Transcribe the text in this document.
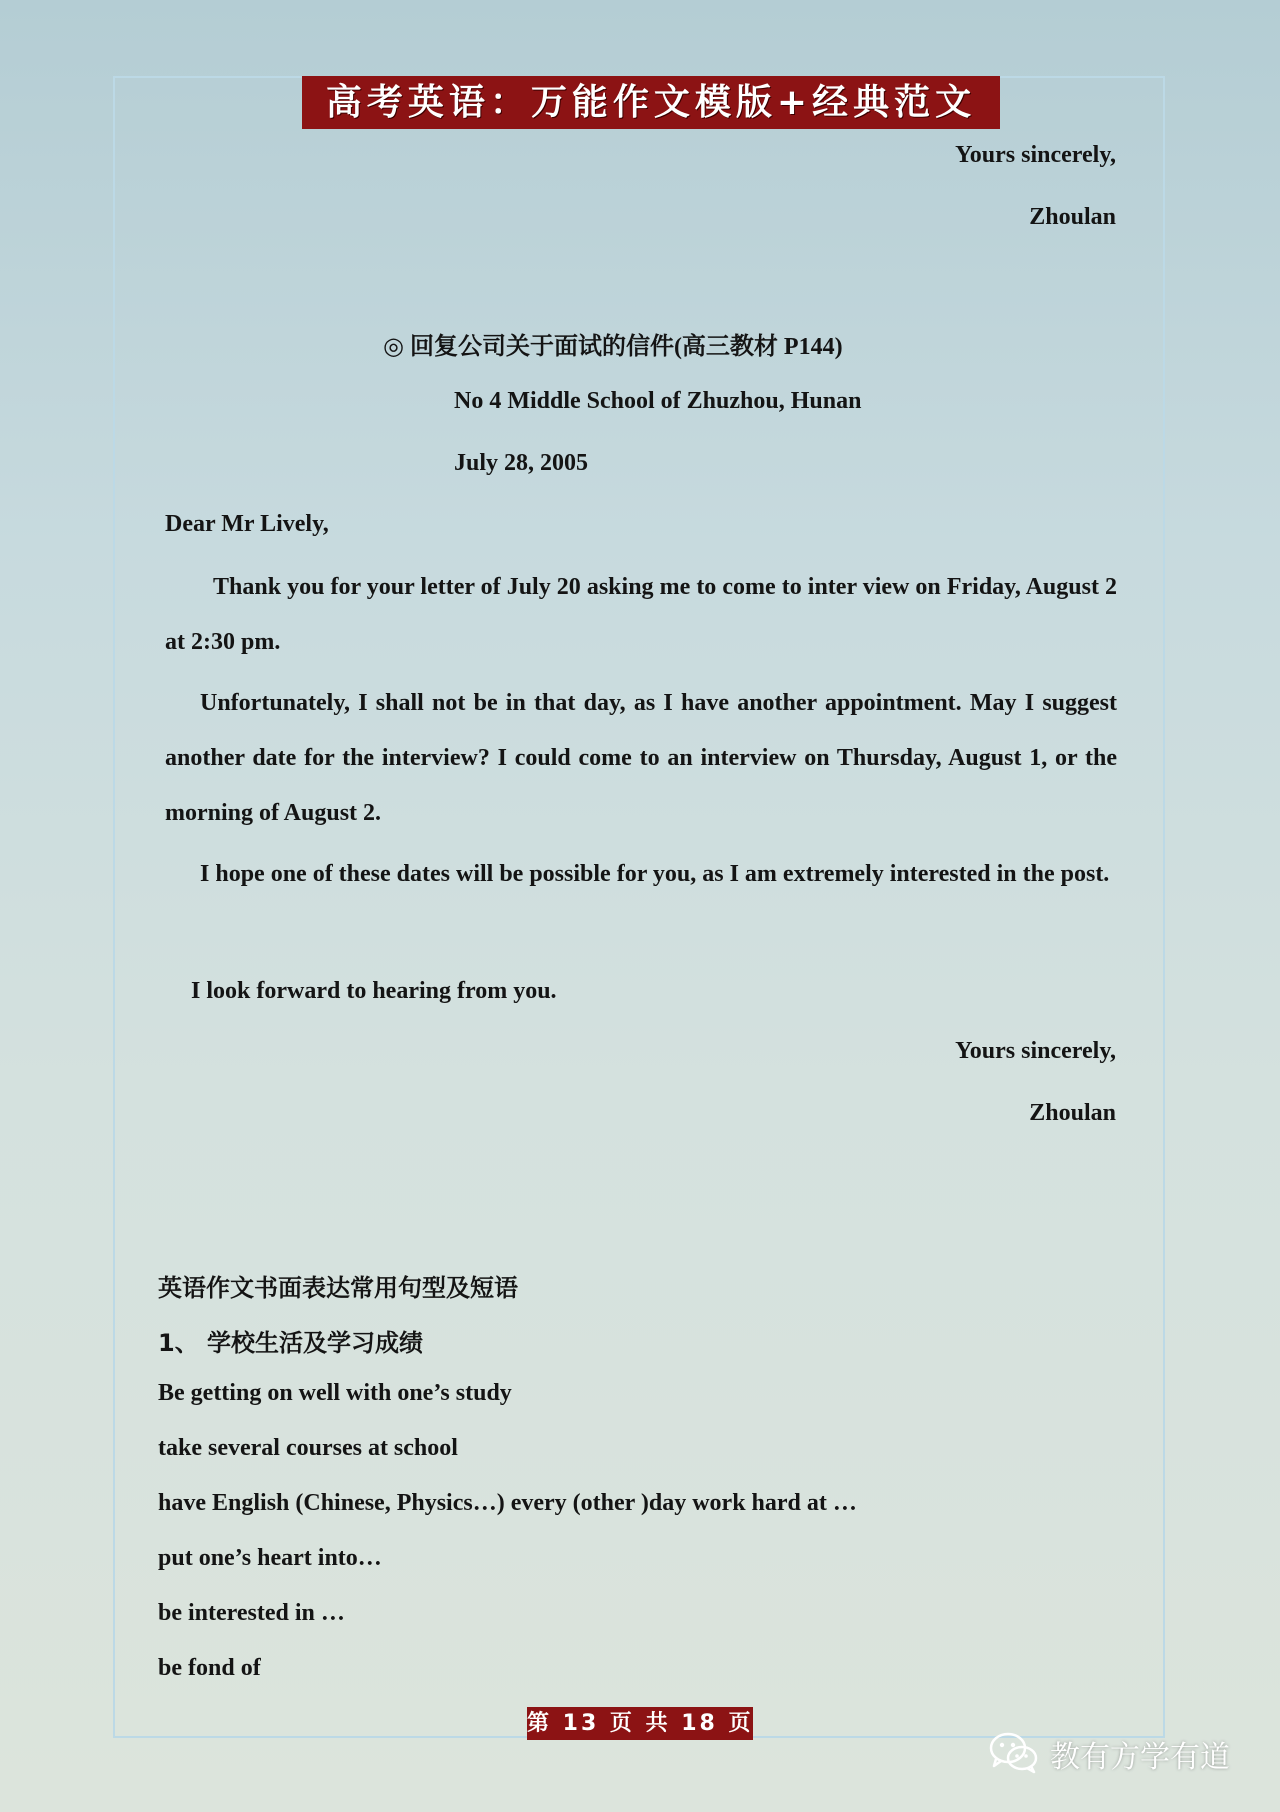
高考英语：万能作文模版+经典范文
Yours sincerely,
Zhoulan
◎ 回复公司关于面试的信件(高三教材 P144)
No 4 Middle School of Zhuzhou, Hunan
July 28, 2005
Dear Mr Lively,
Thank you for your letter of July 20 asking me to come to inter view on Friday, August 2 at 2:30 pm.
Unfortunately, I shall not be in that day, as I have another appointment. May I suggest another date for the interview? I could come to an interview on Thursday, August 1, or the morning of August 2.
I hope one of these dates will be possible for you, as I am extremely interested in the post.
I look forward to hearing from you.
Yours sincerely,
Zhoulan
英语作文书面表达常用句型及短语
1、 学校生活及学习成绩
Be getting on well with one’s study
take several courses at school
have English (Chinese, Physics…) every (other )day work hard at …
put one’s heart into…
be interested in …
be fond of
第 13 页 共 18 页
教有方学有道
